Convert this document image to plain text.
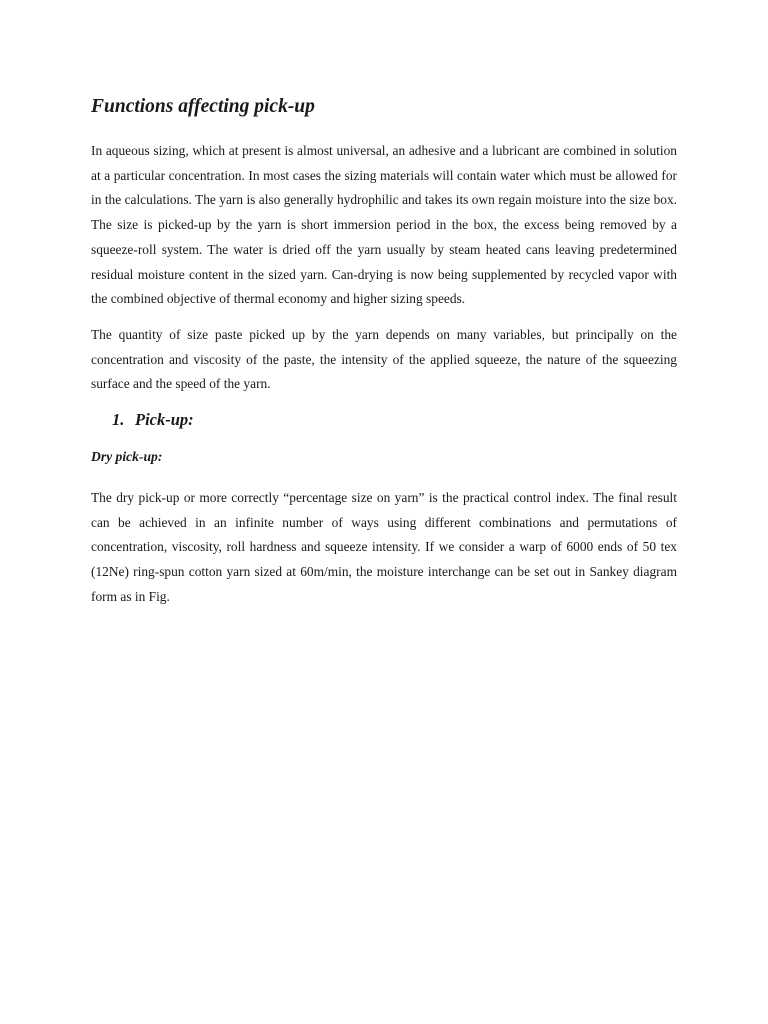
Functions affecting pick-up

In aqueous sizing, which at present is almost universal, an adhesive and a lubricant are combined in solution at a particular concentration. In most cases the sizing materials will contain water which must be allowed for in the calculations. The yarn is also generally hydrophilic and takes its own regain moisture into the size box. The size is picked-up by the yarn is short immersion period in the box, the excess being removed by a squeeze-roll system. The water is dried off the yarn usually by steam heated cans leaving predetermined residual moisture content in the sized yarn. Can-drying is now being supplemented by recycled vapor with the combined objective of thermal economy and higher sizing speeds.

The quantity of size paste picked up by the yarn depends on many variables, but principally on the concentration and viscosity of the paste, the intensity of the applied squeeze, the nature of the squeezing surface and the speed of the yarn.

1. Pick-up:
Dry pick-up:

The dry pick-up or more correctly “percentage size on yarn” is the practical control index. The final result can be achieved in an infinite number of ways using different combinations and permutations of concentration, viscosity, roll hardness and squeeze intensity. If we consider a warp of 6000 ends of 50 tex (12Ne) ring-spun cotton yarn sized at 60m/min, the moisture interchange can be set out in Sankey diagram form as in Fig.
